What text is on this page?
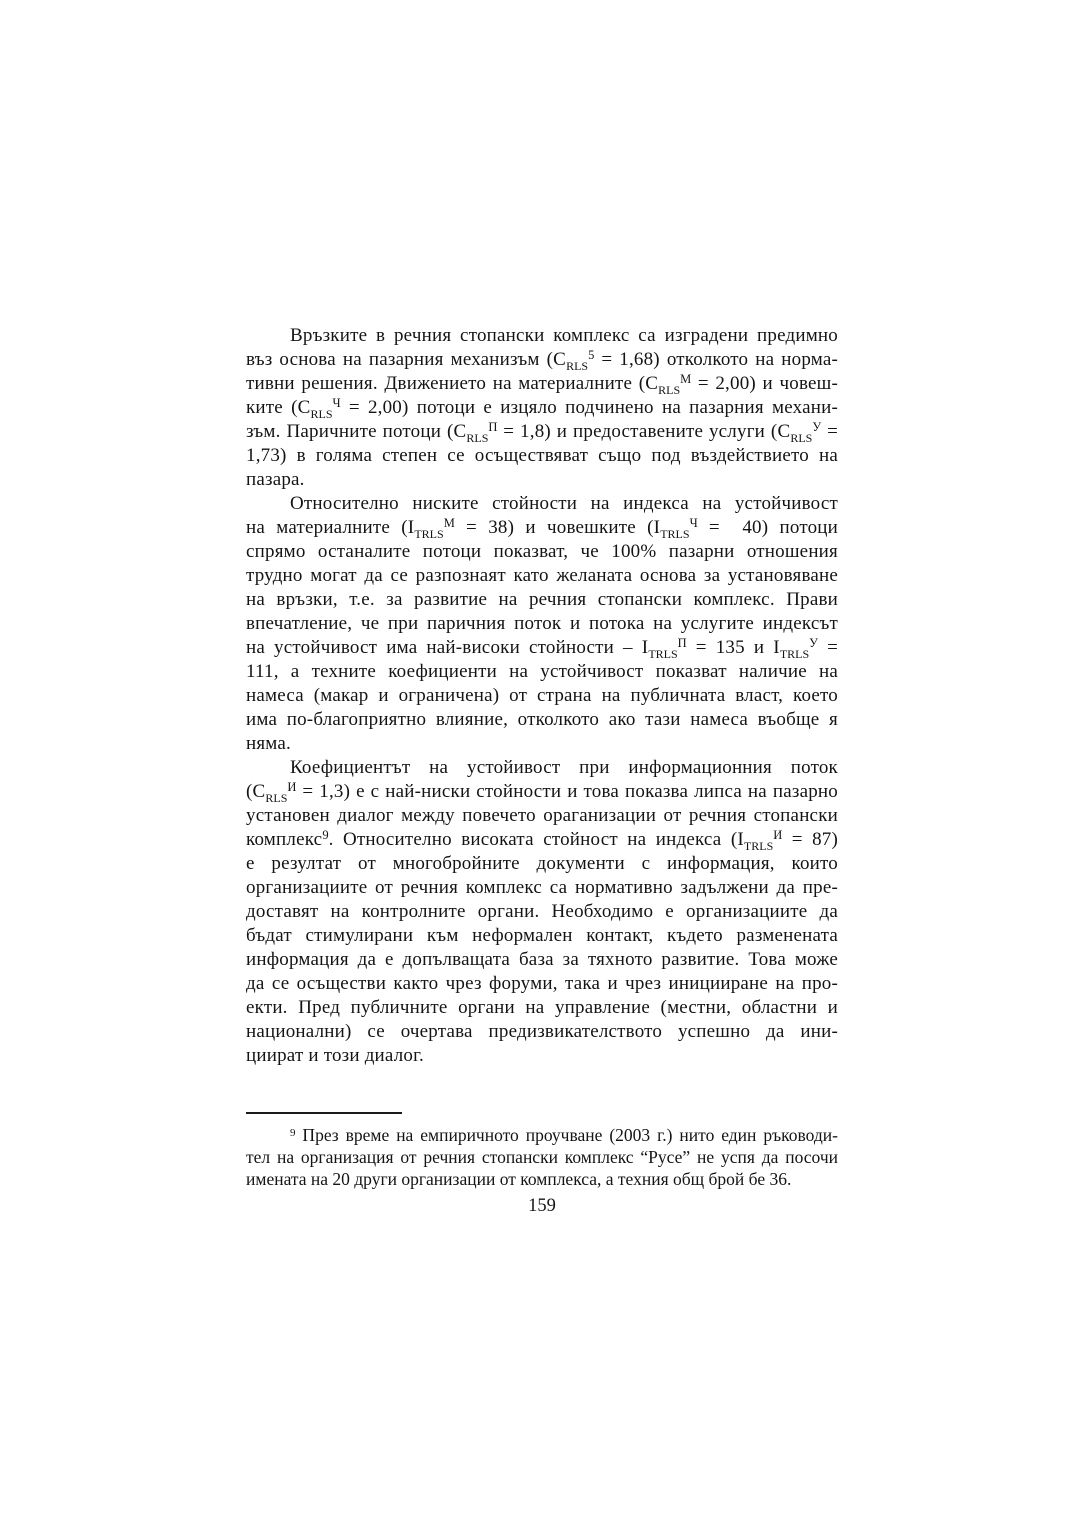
Връзките в речния стопански комплекс са изградени предимно
въз основа на пазарния механизъм $(C_{RLS}^5 = 1,68)$ отколкото на норма-
тивни решения. Движението на материалните $(C_{RLS}^М = 2,00)$ и човеш-
ките $(C_{RLS}^Ч = 2,00)$ потоци е изцяло подчинено на пазарния механи-
зъм. Паричните потоци $(C_{RLS}^П = 1,8)$ и предоставените услуги ($C_{RLS}^У$ =
1,73) в голяма степен се осъществяват също под въздействието на
пазара.
Относително ниските стойности на индекса на устойчивост
на материалните $(I_{TRLS}^М = 38)$ и човешките $(I_{TRLS}^Ч = 40)$ потоци
спрямо останалите потоци показват, че 100% пазарни отношения
трудно могат да се разпознаят като желаната основа за установяване
на връзки, т.е. за развитие на речния стопански комплекс. Прави
впечатление, че при паричния поток и потока на услугите индексът
на устойчивост има най-високи стойности – $I_{TRLS}^П = 135$ и $I_{TRLS}^У$ =
111, а техните коефициенти на устойчивост показват наличие на
намеса (макар и ограничена) от страна на публичната власт, което
има по-благоприятно влияние, отколкото ако тази намеса въобще я
няма.
Коефициентът на устойивост при информационния поток
$(C_{RLS}^И = 1,3)$ е с най-ниски стойности и това показва липса на пазарно
установен диалог между повечето ораганизации от речния стопански
комплекс$^9$. Относително високата стойност на индекса $(I_{TRLS}^И = 87)$
е резултат от многобройните документи с информация, които
организациите от речния комплекс са нормативно задължени да пре-
доставят на контролните органи. Необходимо е организациите да
бъдат стимулирани към неформален контакт, където разменената
информация да е допълващата база за тяхното развитие. Това може
да се осъществи както чрез форуми, така и чрез иницииране на про-
екти. Пред публичните органи на управление (местни, областни и
национални) се очертава предизвикателството успешно да ини-
циират и този диалог.
$^9$ През време на емпиричното проучване (2003 г.) нито един ръководи-
тел на организация от речния стопански комплекс “Русе” не успя да посочи
имената на 20 други организации от комплекса, а техния общ брой бе 36.
159
